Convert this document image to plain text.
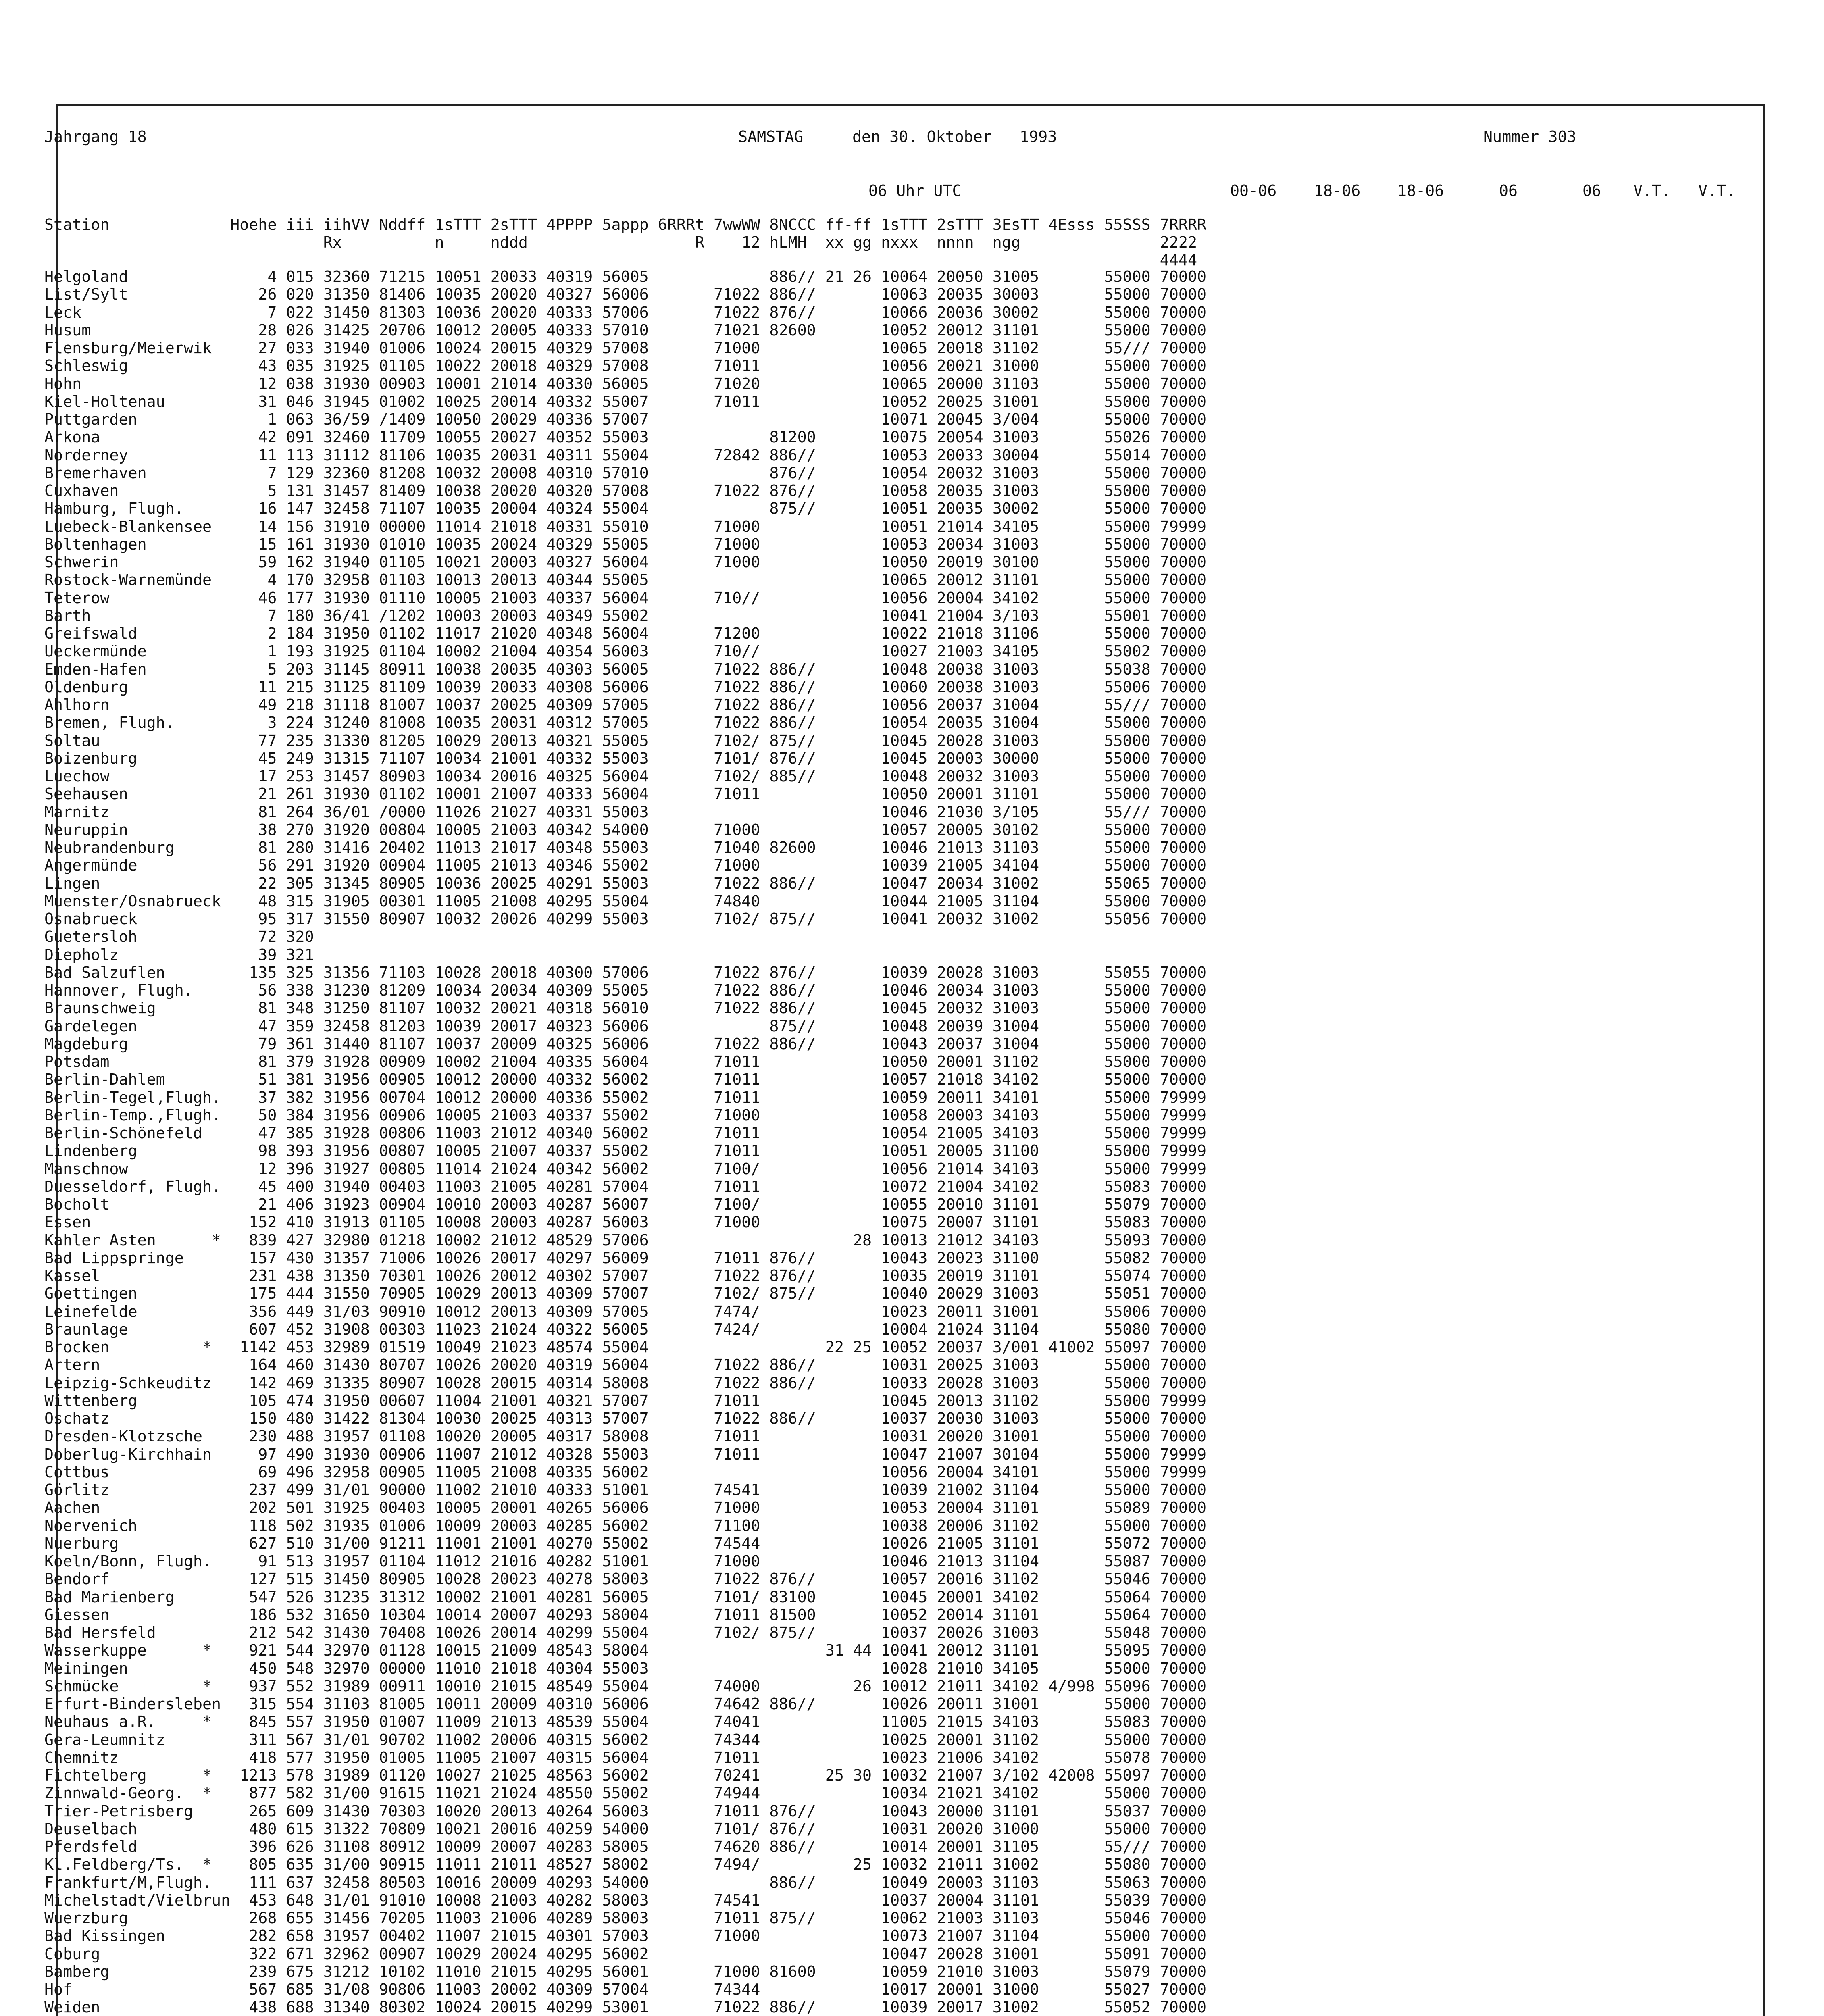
Jahrgang 18	SAMSTAG	den 30. Oktober   1993	Nummer 303
06 Uhr UTC	00-06 18-06 18-06	06	06 V.T. V.T.
Station             Hoehe iii iihVV Nddff 1sTTT 2sTTT 4PPPP 5appp 6RRRt 7wwWW 8NCCC ff-ff 1sTTT 2sTTT 3EsTT 4Esss 55SSS 7RRRR
Rx          n     nddd                  R    12 hLMH  xx gg nxxx  nnnn  ngg               2222
4444
Helgoland               4 015 32360 71215 10051 20033 40319 56005             886// 21 26 10064 20050 31005       55000 70000
List/Sylt              26 020 31350 81406 10035 20020 40327 56006       71022 886//       10063 20035 30003       55000 70000
Leck                    7 022 31450 81303 10036 20020 40333 57006       71022 876//       10066 20036 30002       55000 70000
Husum                  28 026 31425 20706 10012 20005 40333 57010       71021 82600       10052 20012 31101       55000 70000
Flensburg/Meierwik     27 033 31940 01006 10024 20015 40329 57008       71000             10065 20018 31102       55/// 70000
Schleswig              43 035 31925 01105 10022 20018 40329 57008       71011             10056 20021 31000       55000 70000
Hohn                   12 038 31930 00903 10001 21014 40330 56005       71020             10065 20000 31103       55000 70000
Kiel-Holtenau          31 046 31945 01002 10025 20014 40332 55007       71011             10052 20025 31001       55000 70000
Puttgarden              1 063 36/59 /1409 10050 20029 40336 57007                         10071 20045 3/004       55000 70000
Arkona                 42 091 32460 11709 10055 20027 40352 55003             81200       10075 20054 31003       55026 70000
Norderney              11 113 31112 81106 10035 20031 40311 55004       72842 886//       10053 20033 30004       55014 70000
Bremerhaven             7 129 32360 81208 10032 20008 40310 57010             876//       10054 20032 31003       55000 70000
Cuxhaven                5 131 31457 81409 10038 20020 40320 57008       71022 876//       10058 20035 31003       55000 70000
Hamburg, Flugh.        16 147 32458 71107 10035 20004 40324 55004             875//       10051 20035 30002       55000 70000
Luebeck-Blankensee     14 156 31910 00000 11014 21018 40331 55010       71000             10051 21014 34105       55000 79999
Boltenhagen            15 161 31930 01010 10035 20024 40329 55005       71000             10053 20034 31003       55000 70000
Schwerin               59 162 31940 01105 10021 20003 40327 56004       71000             10050 20019 30100       55000 70000
Rostock-Warnemünde      4 170 32958 01103 10013 20013 40344 55005                         10065 20012 31101       55000 70000
Teterow                46 177 31930 01110 10005 21003 40337 56004       710//             10056 20004 34102       55000 70000
Barth                   7 180 36/41 /1202 10003 20003 40349 55002                         10041 21004 3/103       55001 70000
Greifswald              2 184 31950 01102 11017 21020 40348 56004       71200             10022 21018 31106       55000 70000
Ueckermünde             1 193 31925 01104 10002 21004 40354 56003       710//             10027 21003 34105       55002 70000
Emden-Hafen             5 203 31145 80911 10038 20035 40303 56005       71022 886//       10048 20038 31003       55038 70000
Oldenburg              11 215 31125 81109 10039 20033 40308 56006       71022 886//       10060 20038 31003       55006 70000
Ahlhorn                49 218 31118 81007 10037 20025 40309 57005       71022 886//       10056 20037 31004       55/// 70000
Bremen, Flugh.          3 224 31240 81008 10035 20031 40312 57005       71022 886//       10054 20035 31004       55000 70000
Soltau                 77 235 31330 81205 10029 20013 40321 55005       7102/ 875//       10045 20028 31003       55000 70000
Boizenburg             45 249 31315 71107 10034 21001 40332 55003       7101/ 876//       10045 20003 30000       55000 70000
Luechow                17 253 31457 80903 10034 20016 40325 56004       7102/ 885//       10048 20032 31003       55000 70000
Seehausen              21 261 31930 01102 10001 21007 40333 56004       71011             10050 20001 31101       55000 70000
Marnitz                81 264 36/01 /0000 11026 21027 40331 55003                         10046 21030 3/105       55/// 70000
Neuruppin              38 270 31920 00804 10005 21003 40342 54000       71000             10057 20005 30102       55000 70000
Neubrandenburg         81 280 31416 20402 11013 21017 40348 55003       71040 82600       10046 21013 31103       55000 70000
Angermünde             56 291 31920 00904 11005 21013 40346 55002       71000             10039 21005 34104       55000 70000
Lingen                 22 305 31345 80905 10036 20025 40291 55003       71022 886//       10047 20034 31002       55065 70000
Muenster/Osnabrueck    48 315 31905 00301 11005 21008 40295 55004       74840             10044 21005 31104       55000 70000
Osnabrueck             95 317 31550 80907 10032 20026 40299 55003       7102/ 875//       10041 20032 31002       55056 70000
Guetersloh             72 320
Diepholz               39 321
Bad Salzuflen         135 325 31356 71103 10028 20018 40300 57006       71022 876//       10039 20028 31003       55055 70000
Hannover, Flugh.       56 338 31230 81209 10034 20034 40309 55005       71022 886//       10046 20034 31003       55000 70000
Braunschweig           81 348 31250 81107 10032 20021 40318 56010       71022 886//       10045 20032 31003       55000 70000
Gardelegen             47 359 32458 81203 10039 20017 40323 56006             875//       10048 20039 31004       55000 70000
Magdeburg              79 361 31440 81107 10037 20009 40325 56006       71022 886//       10043 20037 31004       55000 70000
Potsdam                81 379 31928 00909 10002 21004 40335 56004       71011             10050 20001 31102       55000 70000
Berlin-Dahlem          51 381 31956 00905 10012 20000 40332 56002       71011             10057 21018 34102       55000 70000
Berlin-Tegel,Flugh.    37 382 31956 00704 10012 20000 40336 55002       71011             10059 20011 34101       55000 79999
Berlin-Temp.,Flugh.    50 384 31956 00906 10005 21003 40337 55002       71000             10058 20003 34103       55000 79999
Berlin-Schönefeld      47 385 31928 00806 11003 21012 40340 56002       71011             10054 21005 34103       55000 79999
Lindenberg             98 393 31956 00807 10005 21007 40337 55002       71011             10051 20005 31100       55000 79999
Manschnow              12 396 31927 00805 11014 21024 40342 56002       7100/             10056 21014 34103       55000 79999
Duesseldorf, Flugh.    45 400 31940 00403 11003 21005 40281 57004       71011             10072 21004 34102       55083 70000
Bocholt                21 406 31923 00904 10010 20003 40287 56007       7100/             10055 20010 31101       55079 70000
Essen                 152 410 31913 01105 10008 20003 40287 56003       71000             10075 20007 31101       55083 70000
Kahler Asten      *   839 427 32980 01218 10002 21012 48529 57006                      28 10013 21012 34103       55093 70000
Bad Lippspringe       157 430 31357 71006 10026 20017 40297 56009       71011 876//       10043 20023 31100       55082 70000
Kassel                231 438 31350 70301 10026 20012 40302 57007       71022 876//       10035 20019 31101       55074 70000
Goettingen            175 444 31550 70905 10029 20013 40309 57007       7102/ 875//       10040 20029 31003       55051 70000
Leinefelde            356 449 31/03 90910 10012 20013 40309 57005       7474/             10023 20011 31001       55006 70000
Braunlage             607 452 31908 00303 11023 21024 40322 56005       7424/             10004 21024 31104       55080 70000
Brocken          *   1142 453 32989 01519 10049 21023 48574 55004                   22 25 10052 20037 3/001 41002 55097 70000
Artern                164 460 31430 80707 10026 20020 40319 56004       71022 886//       10031 20025 31003       55000 70000
Leipzig-Schkeuditz    142 469 31335 80907 10028 20015 40314 58008       71022 886//       10033 20028 31003       55000 70000
Wittenberg            105 474 31950 00607 11004 21001 40321 57007       71011             10045 20013 31102       55000 79999
Oschatz               150 480 31422 81304 10030 20025 40313 57007       71022 886//       10037 20030 31003       55000 70000
Dresden-Klotzsche     230 488 31957 01108 10020 20005 40317 58008       71011             10031 20020 31001       55000 70000
Doberlug-Kirchhain     97 490 31930 00906 11007 21012 40328 55003       71011             10047 21007 30104       55000 79999
Cottbus                69 496 32958 00905 11005 21008 40335 56002                         10056 20004 34101       55000 79999
Görlitz               237 499 31/01 90000 11002 21010 40333 51001       74541             10039 21002 31104       55000 70000
Aachen                202 501 31925 00403 10005 20001 40265 56006       71000             10053 20004 31101       55089 70000
Noervenich            118 502 31935 01006 10009 20003 40285 56002       71100             10038 20006 31102       55000 70000
Nuerburg              627 510 31/00 91211 11001 21001 40270 55002       74544             10026 21005 31101       55072 70000
Koeln/Bonn, Flugh.     91 513 31957 01104 11012 21016 40282 51001       71000             10046 21013 31104       55087 70000
Bendorf               127 515 31450 80905 10028 20023 40278 58003       71022 876//       10057 20016 31102       55046 70000
Bad Marienberg        547 526 31235 31312 10002 21001 40281 56005       7101/ 83100       10045 20001 34102       55064 70000
Giessen               186 532 31650 10304 10014 20007 40293 58004       71011 81500       10052 20014 31101       55064 70000
Bad Hersfeld          212 542 31430 70408 10026 20014 40299 55004       7102/ 875//       10037 20026 31003       55048 70000
Wasserkuppe      *    921 544 32970 01128 10015 21009 48543 58004                   31 44 10041 20012 31101       55095 70000
Meiningen             450 548 32970 00000 11010 21018 40304 55003                         10028 21010 34105       55000 70000
Schmücke         *    937 552 31989 00911 10010 21015 48549 55004       74000          26 10012 21011 34102 4/998 55096 70000
Erfurt-Bindersleben   315 554 31103 81005 10011 20009 40310 56006       74642 886//       10026 20011 31001       55000 70000
Neuhaus a.R.     *    845 557 31950 01007 11009 21013 48539 55004       74041             11005 21015 34103       55083 70000
Gera-Leumnitz         311 567 31/01 90702 11002 20006 40315 56002       74344             10025 20001 31102       55000 70000
Chemnitz              418 577 31950 01005 11005 21007 40315 56004       71011             10023 21006 34102       55078 70000
Fichtelberg      *   1213 578 31989 01120 10027 21025 48563 56002       70241       25 30 10032 21007 3/102 42008 55097 70000
Zinnwald-Georg.  *    877 582 31/00 91615 11021 21024 48550 55002       74944             10034 21021 34102       55000 70000
Trier-Petrisberg      265 609 31430 70303 10020 20013 40264 56003       71011 876//       10043 20000 31101       55037 70000
Deuselbach            480 615 31322 70809 10021 20016 40259 54000       7101/ 876//       10031 20020 31000       55000 70000
Pferdsfeld            396 626 31108 80912 10009 20007 40283 58005       74620 886//       10014 20001 31105       55/// 70000
Kl.Feldberg/Ts.  *    805 635 31/00 90915 11011 21011 48527 58002       7494/          25 10032 21011 31002       55080 70000
Frankfurt/M,Flugh.    111 637 32458 80503 10016 20009 40293 54000             886//       10049 20003 31103       55063 70000
Michelstadt/Vielbrun  453 648 31/01 91010 10008 21003 40282 58003       74541             10037 20004 31101       55039 70000
Wuerzburg             268 655 31456 70205 11003 21006 40289 58003       71011 875//       10062 21003 31103       55046 70000
Bad Kissingen         282 658 31957 00402 11007 21015 40301 57003       71000             10073 21007 31104       55000 70000
Coburg                322 671 32962 00907 10029 20024 40295 56002                         10047 20028 31001       55091 70000
Bamberg               239 675 31212 10102 11010 21015 40295 56001       71000 81600       10059 21010 31003       55079 70000
Hof                   567 685 31/08 90806 11003 20002 40309 57004       74344             10017 20001 31000       55027 70000
Weiden                438 688 31340 80302 10024 20015 40299 53001       71022 886//       10039 20017 31002       55052 70000
